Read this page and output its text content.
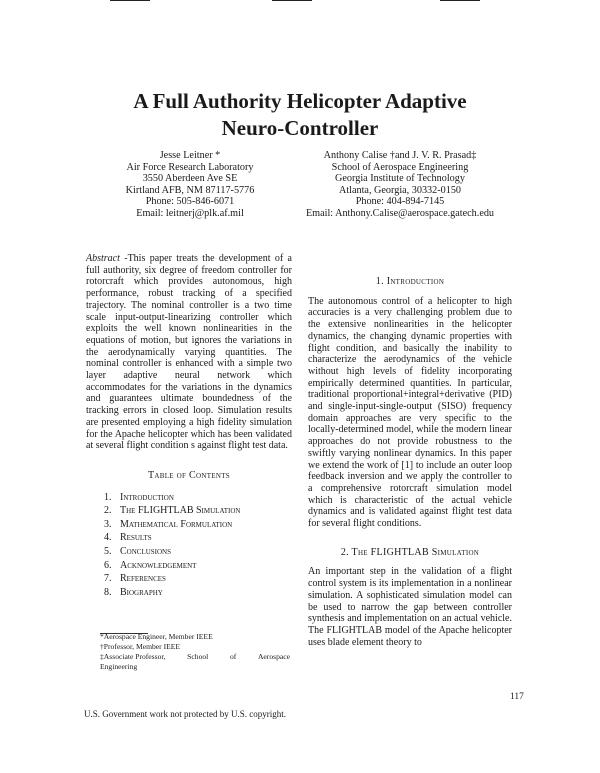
A Full Authority Helicopter Adaptive
Neuro-Controller
Jesse Leitner *
Air Force Research Laboratory
3550 Aberdeen Ave SE
Kirtland AFB, NM 87117-5776
Phone: 505-846-6071
Email: leitnerj@plk.af.mil
Anthony Calise †and J. V. R. Prasad‡
School of Aerospace Engineering
Georgia Institute of Technology
Atlanta, Georgia, 30332-0150
Phone: 404-894-7145
Email: Anthony.Calise@aerospace.gatech.edu

Abstract -This paper treats the development of a full authority, six degree of freedom controller for rotorcraft which provides autonomous, high performance, robust tracking of a specified trajectory. The nominal controller is a two time scale input-output-linearizing controller which exploits the well known nonlinearities in the equations of motion, but ignores the variations in the aerodynamically varying quantities. The nominal controller is enhanced with a simple two layer adaptive neural network which accommodates for the variations in the dynamics and guarantees ultimate boundedness of the tracking errors in closed loop. Simulation results are presented employing a high fidelity simulation for the Apache helicopter which has been validated at several flight condition s against flight test data.

Table of Contents
1. Introduction
2. The FLIGHTLAB Simulation
3. Mathematical Formulation
4. Results
5. Conclusions
6. Acknowledgement
7. References
8. Biography
*Aerospace Engineer, Member IEEE
†Professor, Member IEEE
‡Associate Professor,	School	of	Aerospace
Engineering
1. Introduction

The autonomous control of a helicopter to high accuracies is a very challenging problem due to the extensive nonlinearities in the helicopter dynamics, the changing dynamic properties with flight condition, and basically the inability to characterize the aerodynamics of the vehicle without high levels of fidelity incorporating empirically determined quantities. In particular, traditional proportional+integral+derivative (PID) and single-input-single-output (SISO) frequency domain approaches are very specific to the locally-determined model, while the modern linear approaches do not provide robustness to the swiftly varying nonlinear dynamics. In this paper we extend the work of [1] to include an outer loop feedback inversion and we apply the controller to a comprehensive rotorcraft simulation model which is characteristic of the actual vehicle dynamics and is validated against flight test data for several flight conditions.

2. The FLIGHTLAB Simulation

An important step in the validation of a flight control system is its implementation in a nonlinear simulation. A sophisticated simulation model can be used to narrow the gap between controller synthesis and implementation on an actual vehicle. The FLIGHTLAB model of the Apache helicopter uses blade element theory to

U.S. Government work not protected by U.S. copyright.
117
